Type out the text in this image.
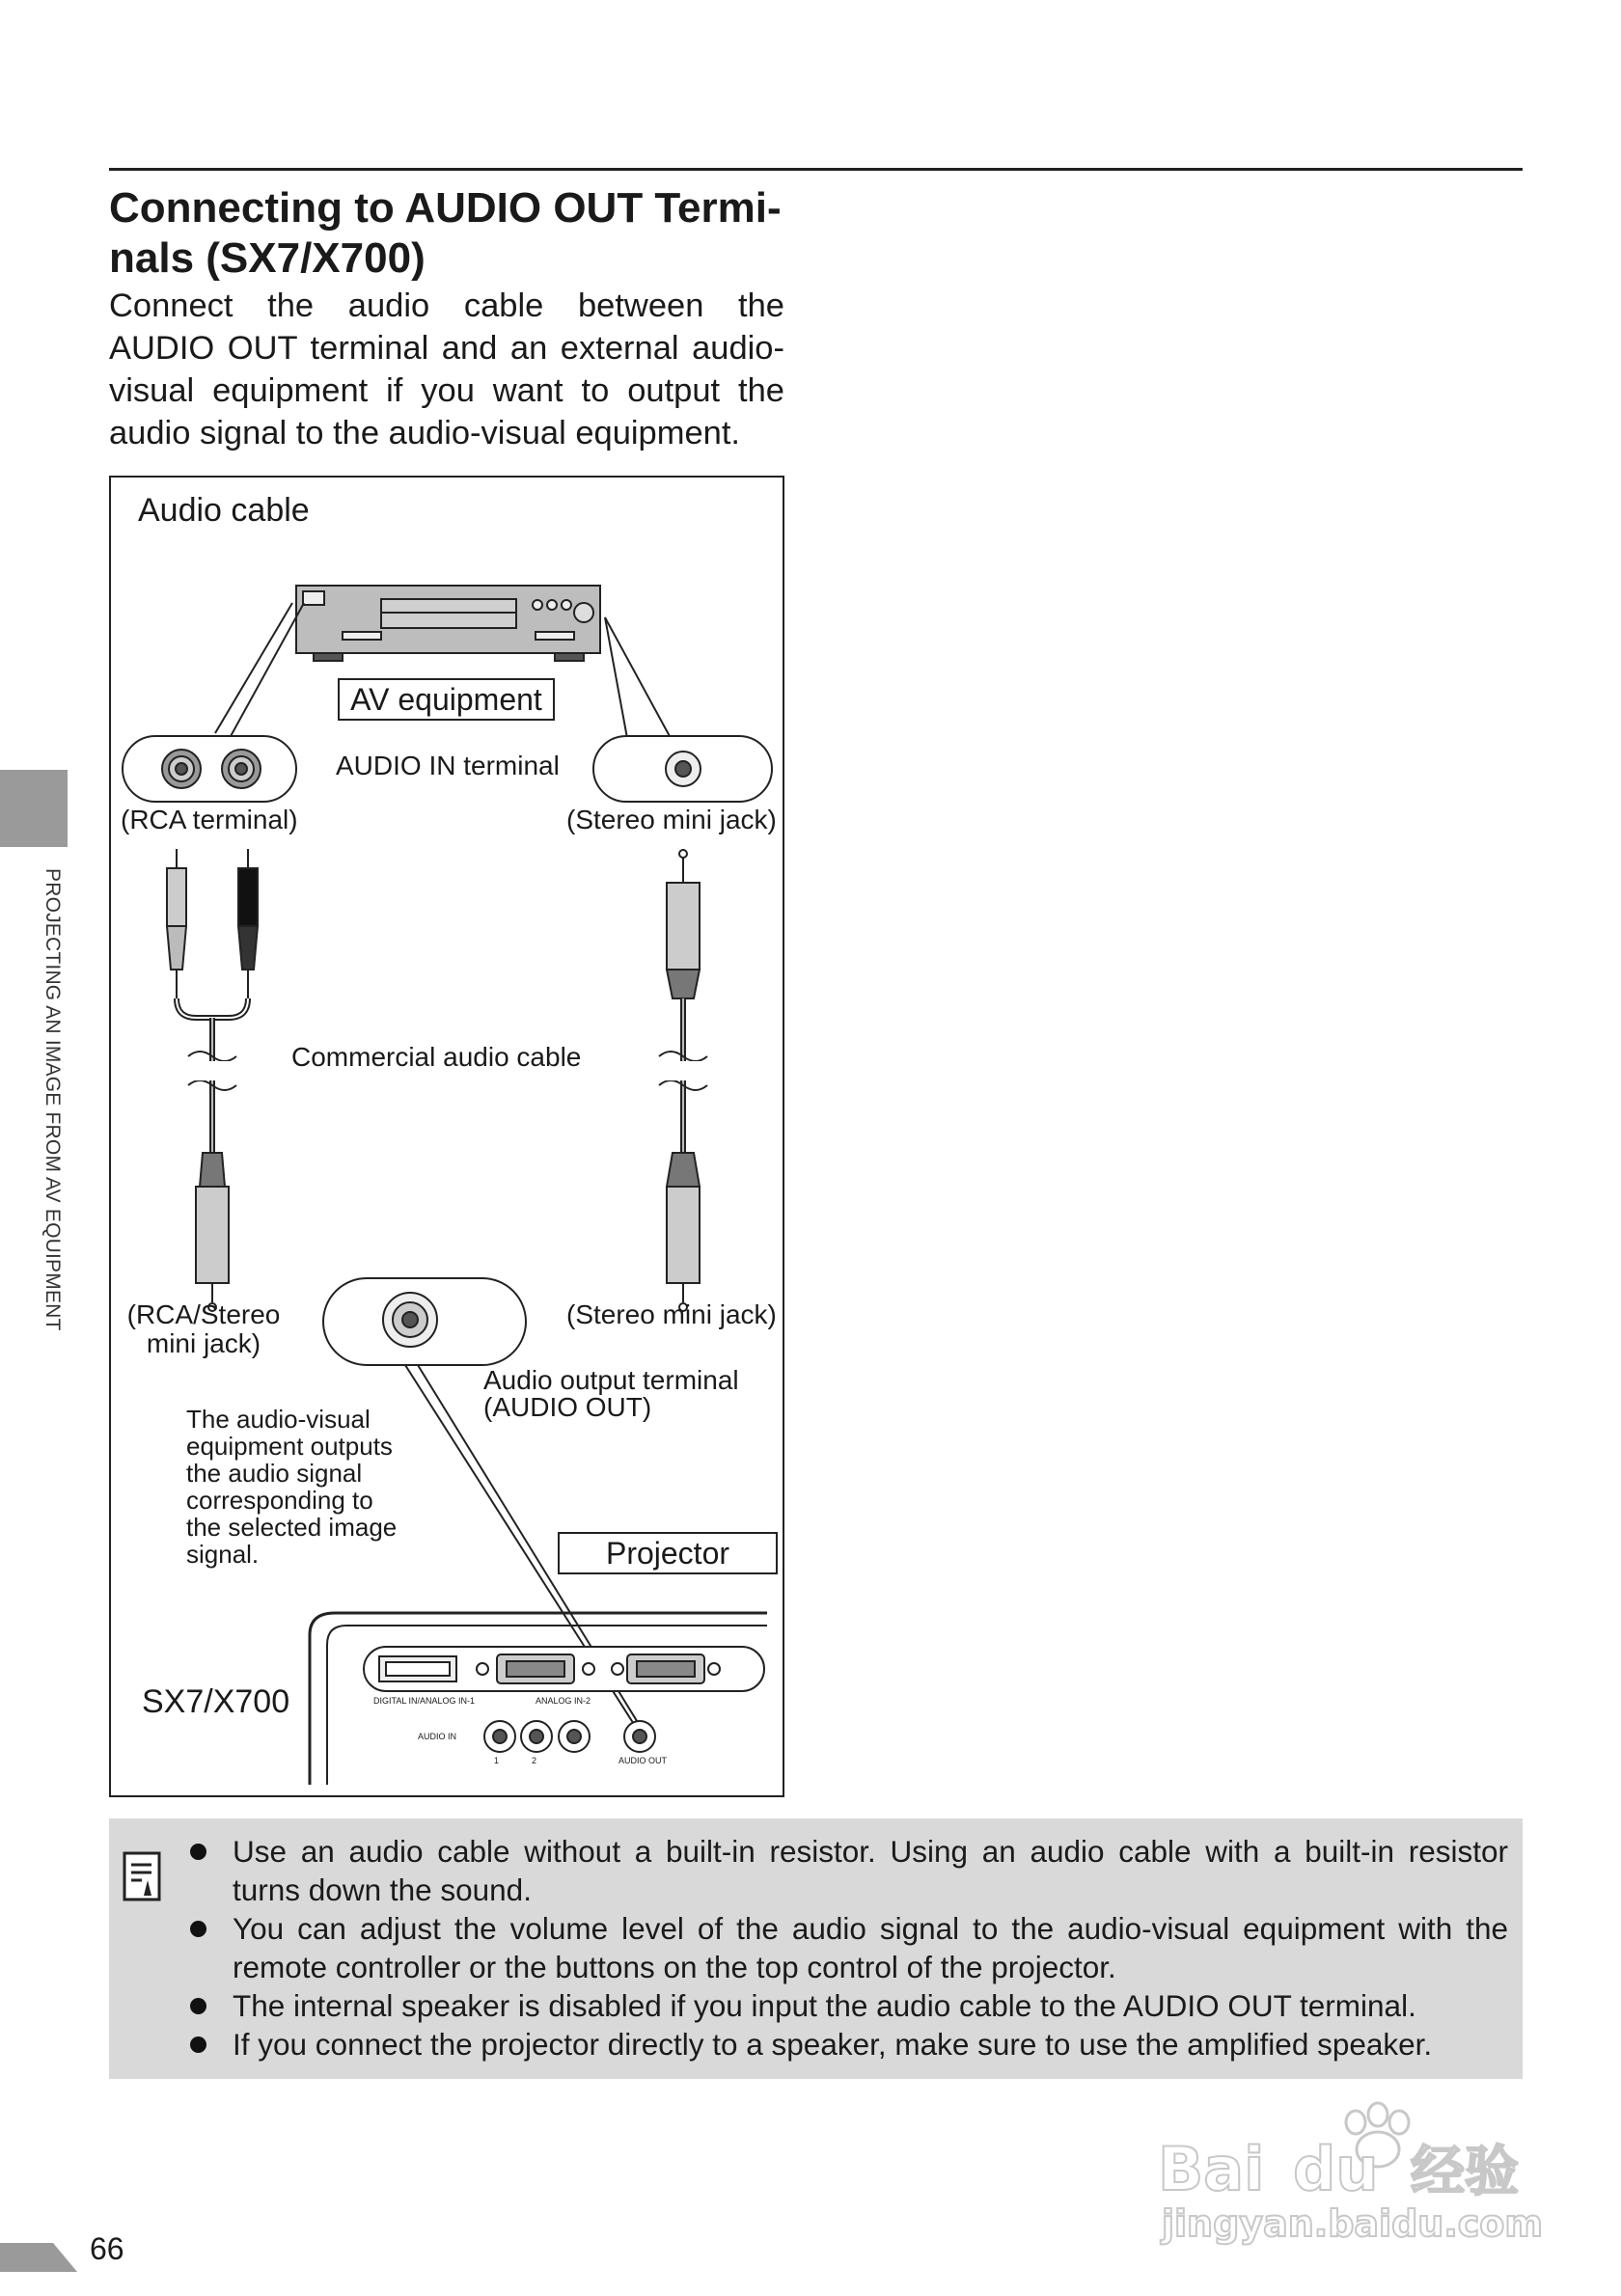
Connecting to AUDIO OUT Termi-
nals (SX7/X700)
Connect the audio cable between the
AUDIO OUT terminal and an external audio-
visual equipment if you want to output the
audio signal to the audio-visual equipment.
PROJECTING AN IMAGE FROM AV EQUIPMENT
Audio cable
AV equipment
AUDIO IN terminal
(RCA terminal)	(Stereo mini jack)
Commercial audio cable
(RCA/Stereo
mini jack)
(Stereo mini jack)
Audio output terminal
(AUDIO OUT)
The audio-visual
equipment outputs
the audio signal
corresponding to
the selected image
signal.	Projector
SX7/X700	DIGITAL IN/ANALOG IN-1	ANALOG IN-2
AUDIO IN
1	2	AUDIO OUT
Use an audio cable without a built-in resistor. Using an audio cable with a built-in resistor
turns down the sound.
You can adjust the volume level of the audio signal to the audio-visual equipment with the
remote controller or the buttons on the top control of the projector.
The internal speaker is disabled if you input the audio cable to the AUDIO OUT terminal.
If you connect the projector directly to a speaker, make sure to use the amplified speaker.
66
Bai du 经验
jingyan.baidu.com
